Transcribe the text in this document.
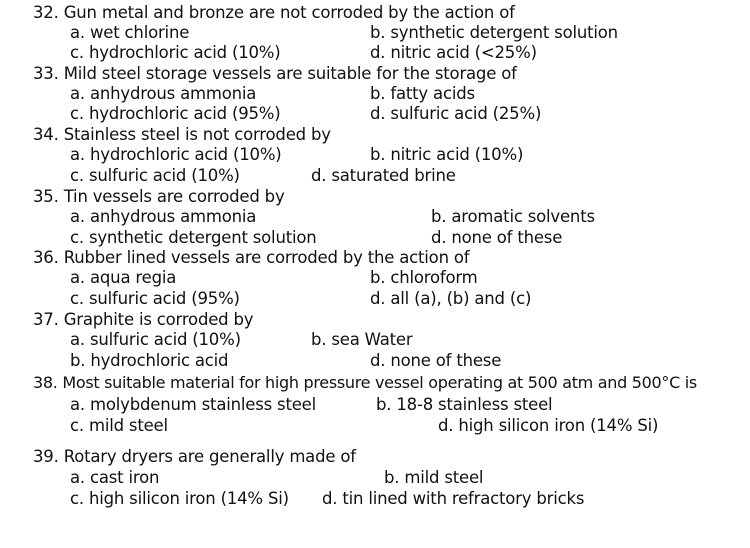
32. Gun metal and bronze are not corroded by the action of
a. wet chlorine	b. synthetic detergent solution
c. hydrochloric acid (10%)	d. nitric acid (<25%)
33. Mild steel storage vessels are suitable for the storage of
a. anhydrous ammonia	b. fatty acids
c. hydrochloric acid (95%)	d. sulfuric acid (25%)
34. Stainless steel is not corroded by
a. hydrochloric acid (10%)	b. nitric acid (10%)
c. sulfuric acid (10%)	d. saturated brine
35. Tin vessels are corroded by
a. anhydrous ammonia	b. aromatic solvents
c. synthetic detergent solution	d. none of these
36. Rubber lined vessels are corroded by the action of
a. aqua regia	b. chloroform
c. sulfuric acid (95%)	d. all (a), (b) and (c)
37. Graphite is corroded by
a. sulfuric acid (10%)	b. sea Water
b. hydrochloric acid	d. none of these
38. Most suitable material for high pressure vessel operating at 500 atm and 500°C is
a. molybdenum stainless steel	b. 18-8 stainless steel
c. mild steel	d. high silicon iron (14% Si)
39. Rotary dryers are generally made of
a. cast iron	b. mild steel
c. high silicon iron (14% Si) d. tin lined with refractory bricks
